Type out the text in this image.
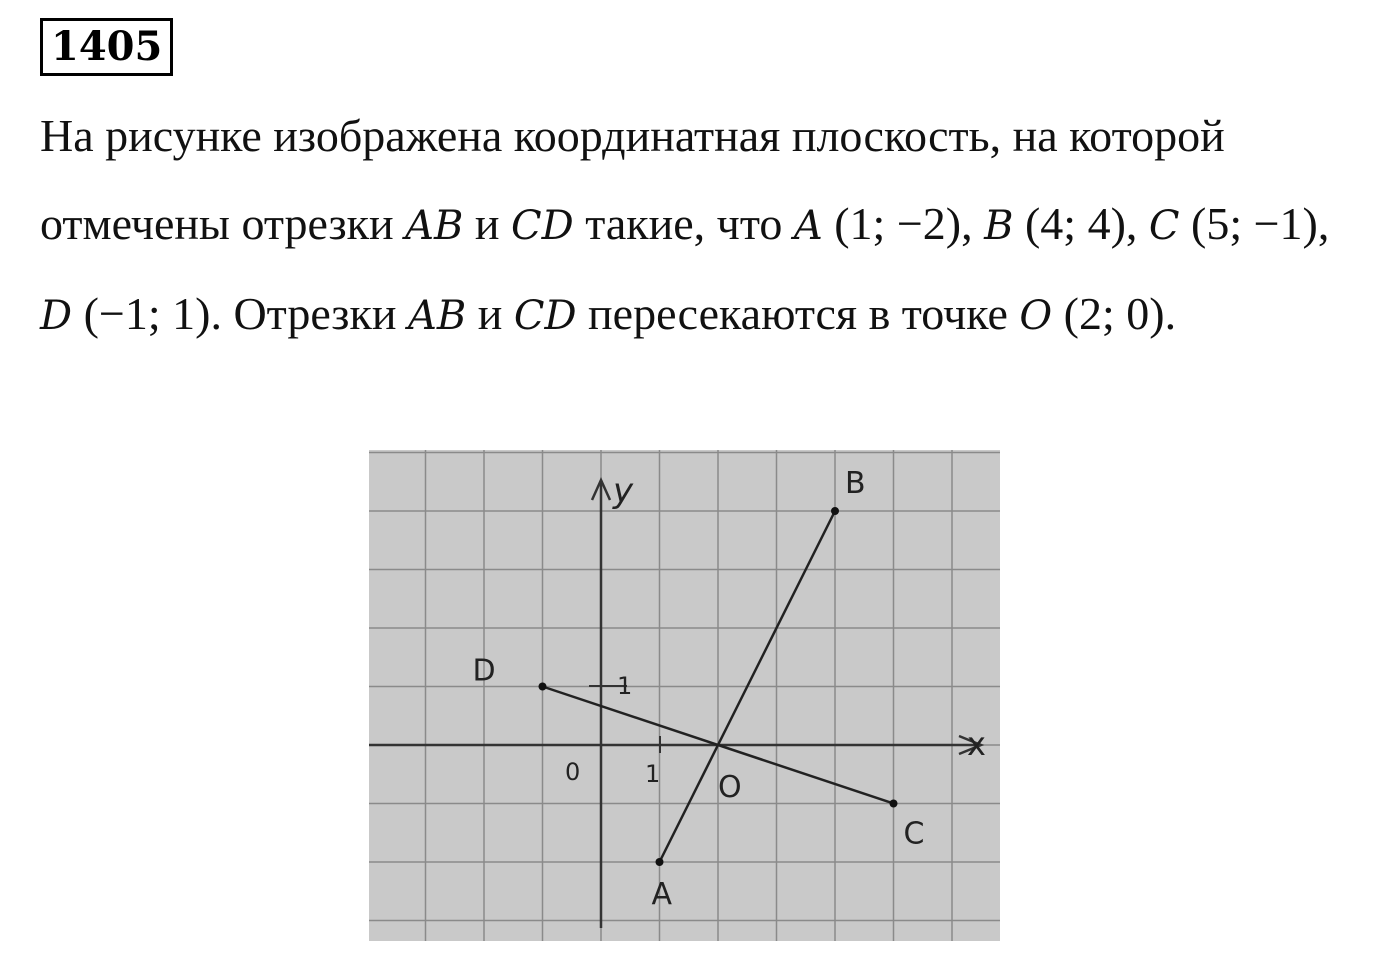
1405
На рисунке изображена координатная плоскость, на которой отмечены отрезки AB и CD такие, что A (1; −2), B (4; 4), C (5; −1), D (−1; 1). Отрезки AB и CD пересекаются в точке O (2; 0).
A
B
C
D
O
x
y
0	1
1
